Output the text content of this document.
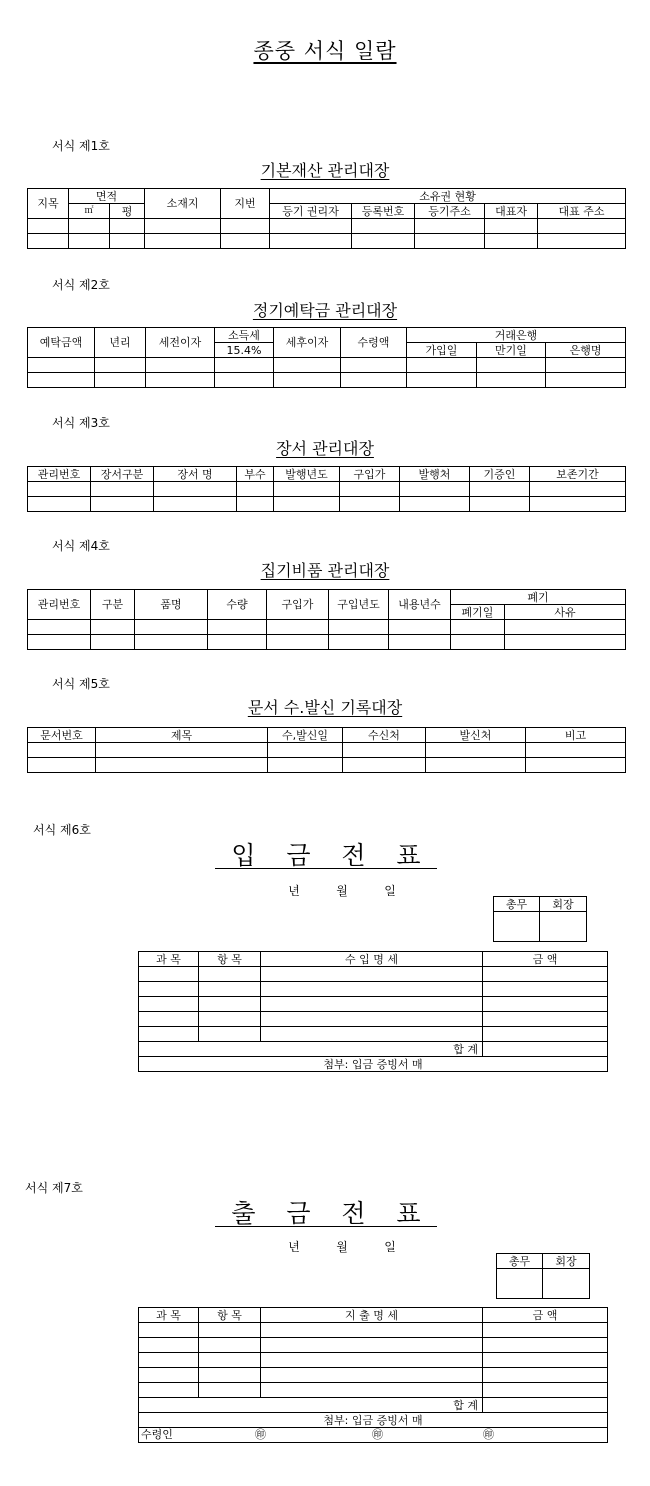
종중 서식 일람
서식 제1호
기본재산 관리대장
지목	면적		소재지	지번	소유권 현황				
	㎡	평			등기 권리자	등록번호	등기주소	대표자	대표 주소

서식 제2호
정기예탁금 관리대장
예탁금액	년리	세전이자	소득세	세후이자	수령액	거래은행		
			15.4%			가입일	만기일	은행명

서식 제3호
장서 관리대장
관리번호	장서구분	장서 명	부수	발행년도	구입가	발행처	기증인	보존기간

서식 제4호
집기비품 관리대장
관리번호	구분	품명	수량	구입가	구입년도	내용년수	폐기	
							폐기일	사유

서식 제5호
문서 수.발신 기록대장
문서번호	제목	수,발신일	수신처	발신처	비고

서식 제6호
입 금 전 표
년	월	일
총무	회장

과 목	항 목	수 입 명 세	금 액

합 계			
첨부: 입금 증빙서 매			
서식 제7호
출 금 전 표
년	월	일
총무	회장

과 목	항 목	지 출 명 세	금 액

합 계			
첨부: 입금 증빙서 매			

수령인 ㊞ ㊞ ㊞			
